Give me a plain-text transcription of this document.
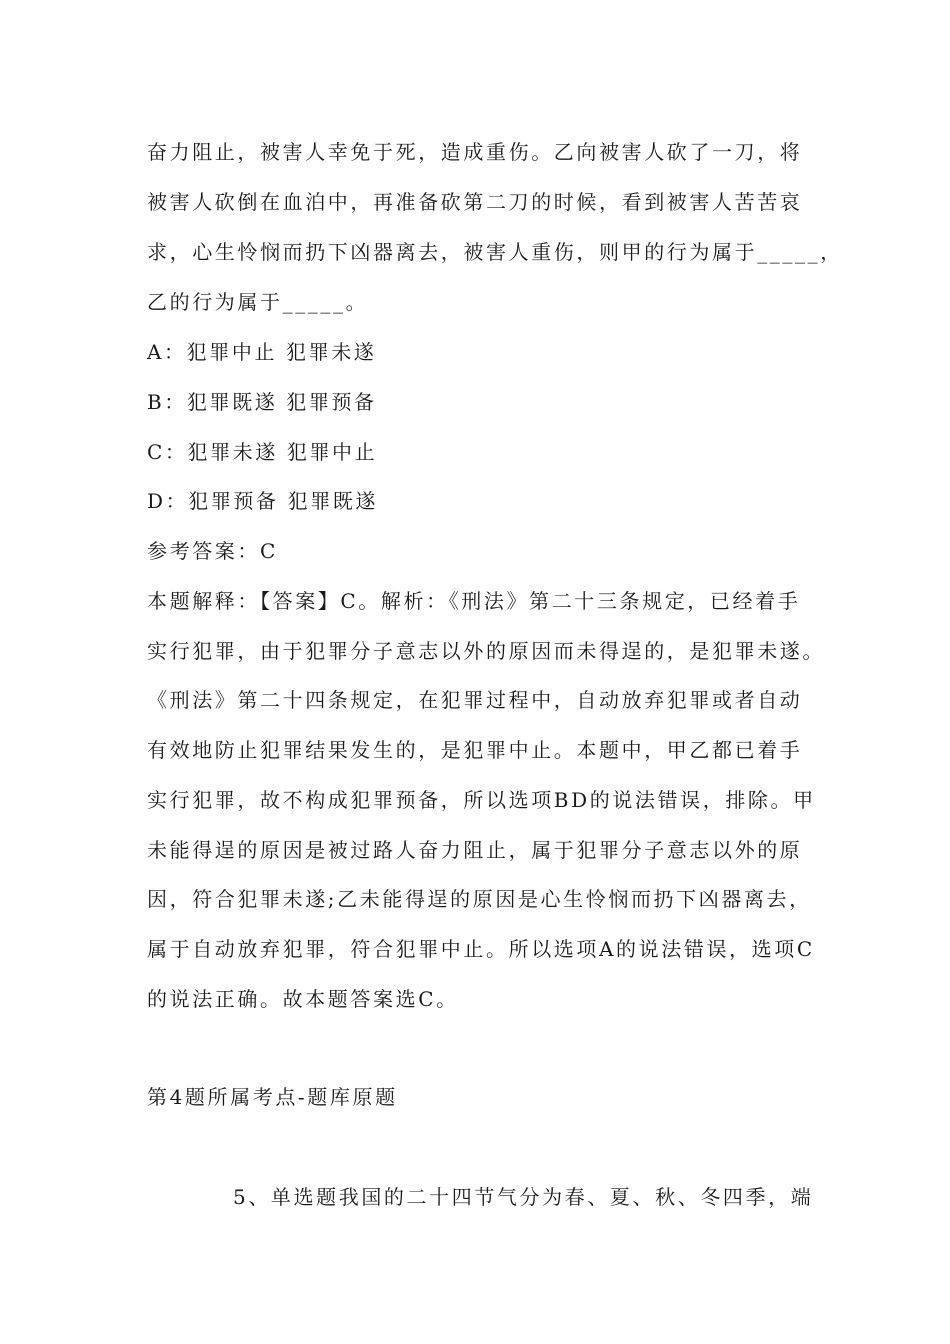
奋力阻止，被害人幸免于死，造成重伤。乙向被害人砍了一刀，将
被害人砍倒在血泊中，再准备砍第二刀的时候，看到被害人苦苦哀
求，心生怜悯而扔下凶器离去，被害人重伤，则甲的行为属于_____，
乙的行为属于_____。
A：犯罪中止 犯罪未遂
B：犯罪既遂 犯罪预备
C：犯罪未遂 犯罪中止
D：犯罪预备 犯罪既遂
参考答案：C
本题解释：【答案】C。解析：《刑法》第二十三条规定，已经着手
实行犯罪，由于犯罪分子意志以外的原因而未得逞的，是犯罪未遂。
《刑法》第二十四条规定，在犯罪过程中，自动放弃犯罪或者自动
有效地防止犯罪结果发生的，是犯罪中止。本题中，甲乙都已着手
实行犯罪，故不构成犯罪预备，所以选项BD的说法错误，排除。甲
未能得逞的原因是被过路人奋力阻止，属于犯罪分子意志以外的原
因，符合犯罪未遂;乙未能得逞的原因是心生怜悯而扔下凶器离去，
属于自动放弃犯罪，符合犯罪中止。所以选项A的说法错误，选项C
的说法正确。故本题答案选C。
第4题所属考点-题库原题
5、单选题我国的二十四节气分为春、夏、秋、冬四季，端
